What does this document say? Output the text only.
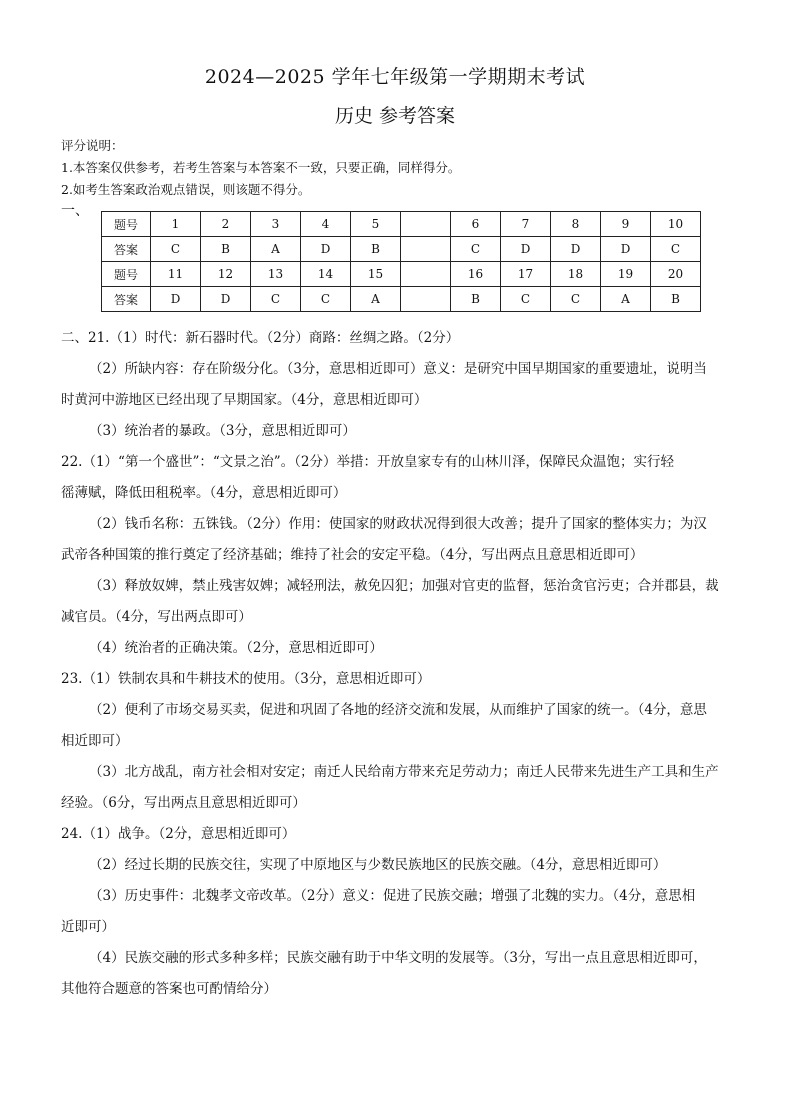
2024—2025 学年七年级第一学期期末考试
历史 参考答案
评分说明：
1.本答案仅供参考，若考生答案与本答案不一致，只要正确，同样得分。
2.如考生答案政治观点错误，则该题不得分。
一、
题号	1	2	3	4	5		6	7	8	9	10
答案	C	B	A	D	B		C	D	D	D	C
题号	11	12	13	14	15		16	17	18	19	20
答案	D	D	C	C	A		B	C	C	A	B

二、21.（1）时代：新石器时代。（2分）商路：丝绸之路。（2分）

（2）所缺内容：存在阶级分化。（3分，意思相近即可）意义：是研究中国早期国家的重要遗址，说明当

时黄河中游地区已经出现了早期国家。（4分，意思相近即可）

（3）统治者的暴政。（3分，意思相近即可）

22.（1）“第一个盛世”：“文景之治”。（2分）举措：开放皇家专有的山林川泽，保障民众温饱；实行轻

徭薄赋，降低田租税率。（4分，意思相近即可）

（2）钱币名称：五铢钱。（2分）作用：使国家的财政状况得到很大改善；提升了国家的整体实力；为汉

武帝各种国策的推行奠定了经济基础；维持了社会的安定平稳。（4分，写出两点且意思相近即可）

（3）释放奴婢，禁止残害奴婢；减轻刑法，赦免囚犯；加强对官吏的监督，惩治贪官污吏；合并郡县，裁

减官员。（4分，写出两点即可）

（4）统治者的正确决策。（2分，意思相近即可）

23.（1）铁制农具和牛耕技术的使用。（3分，意思相近即可）

（2）便利了市场交易买卖，促进和巩固了各地的经济交流和发展，从而维护了国家的统一。（4分，意思

相近即可）

（3）北方战乱，南方社会相对安定；南迁人民给南方带来充足劳动力；南迁人民带来先进生产工具和生产

经验。（6分，写出两点且意思相近即可）

24.（1）战争。（2分，意思相近即可）

（2）经过长期的民族交往，实现了中原地区与少数民族地区的民族交融。（4分，意思相近即可）

（3）历史事件：北魏孝文帝改革。（2分）意义：促进了民族交融；增强了北魏的实力。（4分，意思相

近即可）

（4）民族交融的形式多种多样；民族交融有助于中华文明的发展等。（3分，写出一点且意思相近即可，

其他符合题意的答案也可酌情给分）
